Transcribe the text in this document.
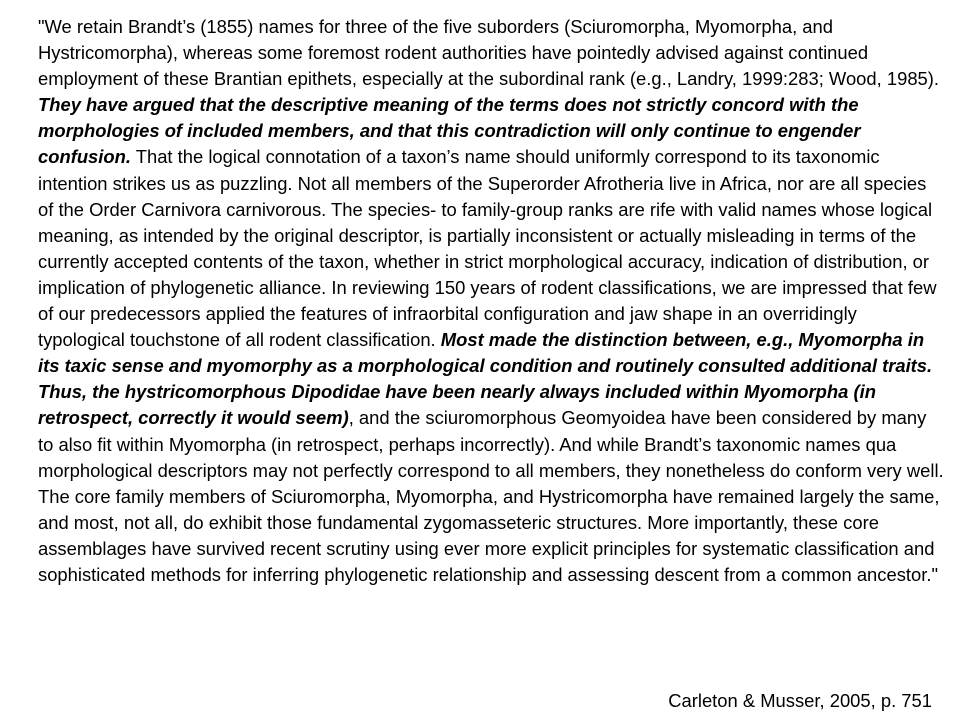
"We retain Brandt’s (1855) names for three of the five suborders (Sciuromorpha, Myomorpha, and Hystricomorpha), whereas some foremost rodent authorities have pointedly advised against continued employment of these Brantian epithets, especially at the subordinal rank (e.g., Landry, 1999:283; Wood, 1985). They have argued that the descriptive meaning of the terms does not strictly concord with the morphologies of included members, and that this contradiction will only continue to engender confusion. That the logical connotation of a taxon’s name should uniformly correspond to its taxonomic intention strikes us as puzzling. Not all members of the Superorder Afrotheria live in Africa, nor are all species of the Order Carnivora carnivorous. The species- to family-group ranks are rife with valid names whose logical meaning, as intended by the original descriptor, is partially inconsistent or actually misleading in terms of the currently accepted contents of the taxon, whether in strict morphological accuracy, indication of distribution, or implication of phylogenetic alliance. In reviewing 150 years of rodent classifications, we are impressed that few of our predecessors applied the features of infraorbital configuration and jaw shape in an overridingly typological touchstone of all rodent classification. Most made the distinction between, e.g., Myomorpha in its taxic sense and myomorphy as a morphological condition and routinely consulted additional traits. Thus, the hystricomorphous Dipodidae have been nearly always included within Myomorpha (in retrospect, correctly it would seem), and the sciuromorphous Geomyoidea have been considered by many to also fit within Myomorpha (in retrospect, perhaps incorrectly). And while Brandt’s taxonomic names qua morphological descriptors may not perfectly correspond to all members, they nonetheless do conform very well. The core family members of Sciuromorpha, Myomorpha, and Hystricomorpha have remained largely the same, and most, not all, do exhibit those fundamental zygomasseteric structures. More importantly, these core assemblages have survived recent scrutiny using ever more explicit principles for systematic classification and sophisticated methods for inferring phylogenetic relationship and assessing descent from a common ancestor."

Carleton & Musser, 2005, p. 751
